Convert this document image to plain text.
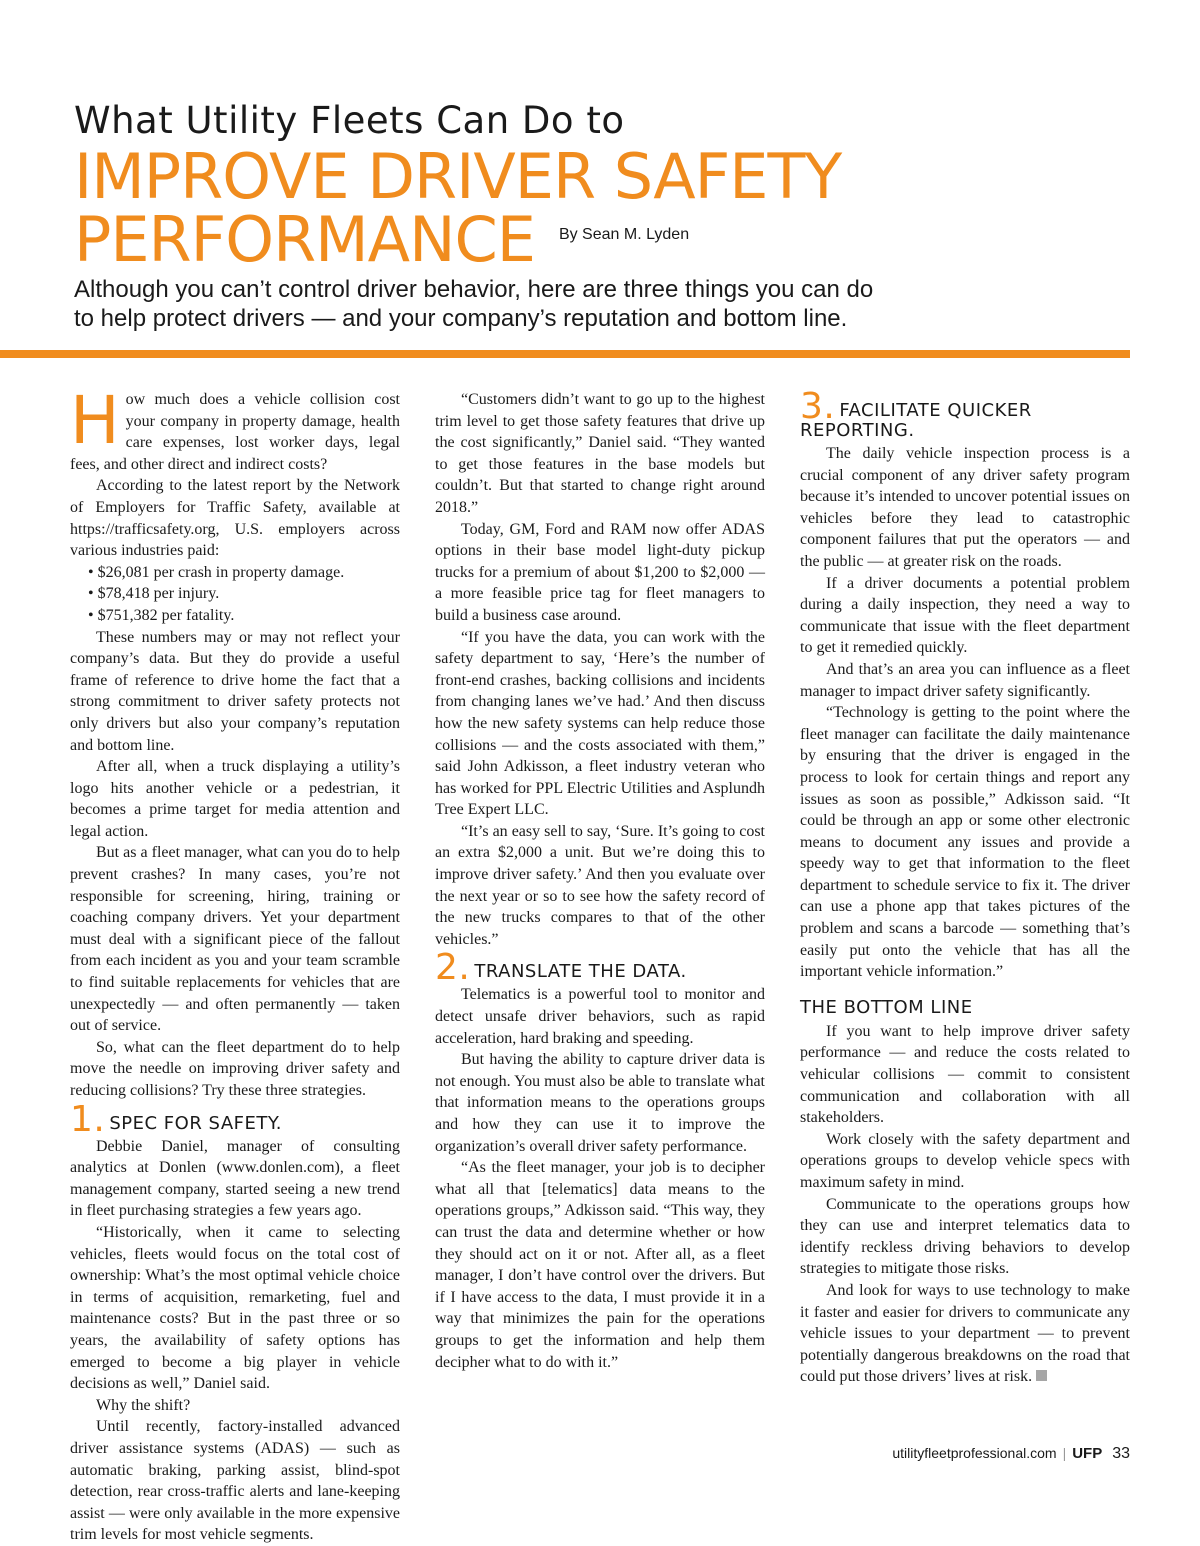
What Utility Fleets Can Do to
IMPROVE DRIVER SAFETY
PERFORMANCE $^{By Sean M. Lyden}$
Although you can’t control driver behavior, here are three things you can do
to help protect drivers — and your company’s reputation and bottom line.

How much does a vehicle collision cost your company in property damage, health care expenses, lost worker days, legal fees, and other direct and indirect costs?

According to the latest report by the Network of Employers for Traffic Safety, available at https://trafficsafety.org, U.S. employers across various industries paid:

• $26,081 per crash in property damage.
• $78,418 per injury.
• $751,382 per fatality.

These numbers may or may not reflect your company’s data. But they do provide a useful frame of reference to drive home the fact that a strong commitment to driver safety protects not only drivers but also your company’s reputation and bottom line.

After all, when a truck displaying a utility’s logo hits another vehicle or a pedestrian, it becomes a prime target for media attention and legal action.

But as a fleet manager, what can you do to help prevent crashes? In many cases, you’re not responsible for screening, hiring, training or coaching company drivers. Yet your department must deal with a significant piece of the fallout from each incident as you and your team scramble to find suitable replacements for vehicles that are unexpectedly — and often permanently — taken out of service.

So, what can the fleet department do to help move the needle on improving driver safety and reducing collisions? Try these three strategies.

1. SPEC FOR SAFETY.

Debbie Daniel, manager of consulting analytics at Donlen (www.donlen.com), a fleet management company, started seeing a new trend in fleet purchasing strategies a few years ago.

“Historically, when it came to selecting vehicles, fleets would focus on the total cost of ownership: What’s the most optimal vehicle choice in terms of acquisition, remarketing, fuel and maintenance costs? But in the past three or so years, the availability of safety options has emerged to become a big player in vehicle decisions as well,” Daniel said.

Why the shift?

Until recently, factory-installed advanced driver assistance systems (ADAS) — such as automatic braking, parking assist, blind-spot detection, rear cross-traffic alerts and lane-keeping assist — were only available in the more expensive trim levels for most vehicle segments.

“Customers didn’t want to go up to the highest trim level to get those safety features that drive up the cost significantly,” Daniel said. “They wanted to get those features in the base models but couldn’t. But that started to change right around 2018.”

Today, GM, Ford and RAM now offer ADAS options in their base model light-duty pickup trucks for a premium of about $1,200 to $2,000 — a more feasible price tag for fleet managers to build a business case around.

“If you have the data, you can work with the safety department to say, ‘Here’s the number of front-end crashes, backing collisions and incidents from changing lanes we’ve had.’ And then discuss how the new safety systems can help reduce those collisions — and the costs associated with them,” said John Adkisson, a fleet industry veteran who has worked for PPL Electric Utilities and Asplundh Tree Expert LLC.

“It’s an easy sell to say, ‘Sure. It’s going to cost an extra $2,000 a unit. But we’re doing this to improve driver safety.’ And then you evaluate over the next year or so to see how the safety record of the new trucks compares to that of the other vehicles.”

2. TRANSLATE THE DATA.

Telematics is a powerful tool to monitor and detect unsafe driver behaviors, such as rapid acceleration, hard braking and speeding.

But having the ability to capture driver data is not enough. You must also be able to translate what that information means to the operations groups and how they can use it to improve the organization’s overall driver safety performance.

“As the fleet manager, your job is to decipher what all that [telematics] data means to the operations groups,” Adkisson said. “This way, they can trust the data and determine whether or how they should act on it or not. After all, as a fleet manager, I don’t have control over the drivers. But if I have access to the data, I must provide it in a way that minimizes the pain for the operations groups to get the information and help them decipher what to do with it.”

3. FACILITATE QUICKER REPORTING.

The daily vehicle inspection process is a crucial component of any driver safety program because it’s intended to uncover potential issues on vehicles before they lead to catastrophic component failures that put the operators — and the public — at greater risk on the roads.

If a driver documents a potential problem during a daily inspection, they need a way to communicate that issue with the fleet department to get it remedied quickly.

And that’s an area you can influence as a fleet manager to impact driver safety significantly.

“Technology is getting to the point where the fleet manager can facilitate the daily maintenance by ensuring that the driver is engaged in the process to look for certain things and report any issues as soon as possible,” Adkisson said. “It could be through an app or some other electronic means to document any issues and provide a speedy way to get that information to the fleet department to schedule service to fix it. The driver can use a phone app that takes pictures of the problem and scans a barcode — something that’s easily put onto the vehicle that has all the important vehicle information.”

THE BOTTOM LINE

If you want to help improve driver safety performance — and reduce the costs related to vehicular collisions — commit to consistent communication and collaboration with all stakeholders.

Work closely with the safety department and operations groups to develop vehicle specs with maximum safety in mind.

Communicate to the operations groups how they can use and interpret telematics data to identify reckless driving behaviors to develop strategies to mitigate those risks.

And look for ways to use technology to make it faster and easier for drivers to communicate any vehicle issues to your department — to prevent potentially dangerous breakdowns on the road that could put those drivers’ lives at risk.

utilityfleetprofessional.com | UFP 33
